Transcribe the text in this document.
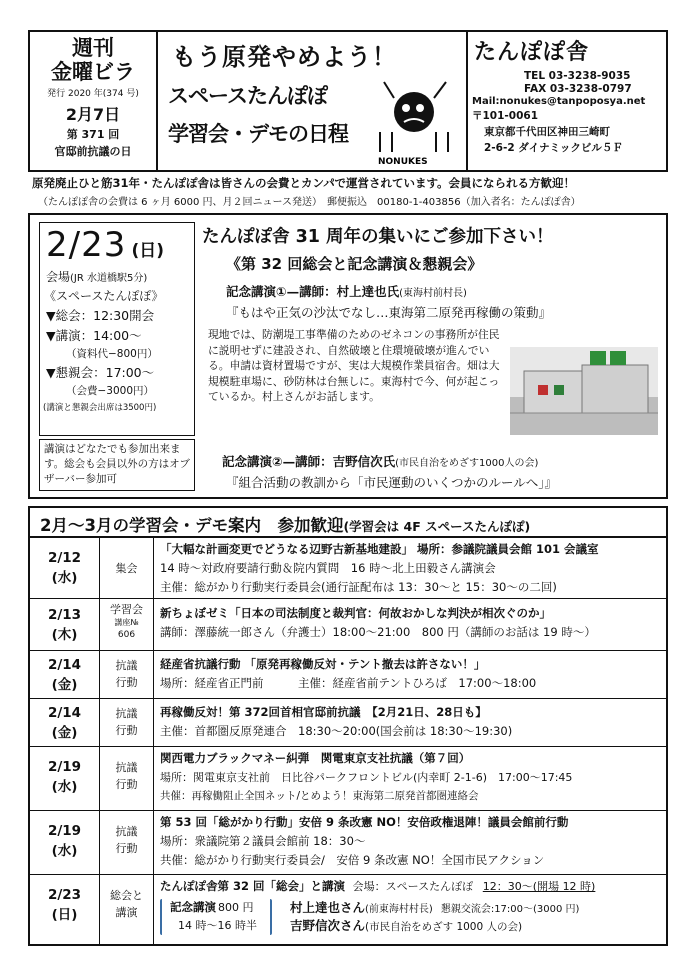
週刊
金曜ビラ
発行 2020 年(374 号)
2月7日
第 371 回
官邸前抗議の日
もう原発やめよう！
スペースたんぽぽ
学習会・デモの日程
NONUKES
たんぽぽ舎
TEL 03-3238-9035
FAX 03-3238-0797
Mail:nonukes@tanpoposya.net
〒101-0061
東京都千代田区神田三崎町
2-6-2 ダイナミックビル５Ｆ
原発廃止ひと筋31年・たんぽぽ舎は皆さんの会費とカンパで運営されています。会員になられる方歓迎！
（たんぽぽ舎の会費は 6 ヶ月 6000 円、月２回ニュース発送）　郵便振込　00180-1-403856（加入者名：たんぽぽ舎）
2/23 (日)
会場(JR 水道橋駅5分)
《スペースたんぽぽ》
▼総会：12:30開会
▼講演：14:00〜
（資料代−800円）
▼懇親会：17:00〜
（会費−3000円）
(講演と懇親会出席は3500円)
講演はどなたでも参加出来ます。総会も会員以外の方はオブザーバー参加可
たんぽぽ舎 31 周年の集いにご参加下さい！
《第 32 回総会と記念講演＆懇親会》
記念講演①—講師：村上達也氏(東海村前村長)
『もはや正気の沙汰でなし…東海第二原発再稼働の策動』
現地では、防潮堤工事準備のためのゼネコンの事務所が住民に説明せずに建設され、自然破壊と住環境破壊が進んでいる。申請は資材置場ですが、実は大規模作業員宿舎。畑は大規模駐車場に、砂防林は台無しに。東海村で今、何が起こっているか。村上さんがお話します。
記念講演②—講師：吉野信次氏(市民自治をめざす1000人の会)
『組合活動の教訓から「市民運動のいくつかのルールへ」』
2月〜3月の学習会・デモ案内　参加歓迎(学習会は 4F スペースたんぽぽ)
2/12
(水)
集会
「大幅な計画変更でどうなる辺野古新基地建設」 場所：参議院議員会館 101 会議室
14 時〜対政府要請行動＆院内質問　16 時〜北上田毅さん講演会
主催：総がかり行動実行委員会(通行証配布は 13：30〜と 15：30〜の二回)
2/13
(木)
学習会
講座№
606
新ちょぼゼミ「日本の司法制度と裁判官：何故おかしな判決が相次ぐのか」
講師：澤藤統一郎さん（弁護士）18:00〜21:00　800 円（講師のお話は 19 時〜）
2/14
(金)
抗議
行動
経産省抗議行動 「原発再稼働反対・テント撤去は許さない！」
場所：経産省正門前　　　主催：経産省前テントひろば　17:00〜18:00
2/14
(金)
抗議
行動
再稼働反対！第 372回首相官邸前抗議　【2月21日、28日も】
主催：首都圏反原発連合　18:30〜20:00(国会前は 18:30〜19:30)
2/19
(水)
抗議
行動
関西電力ブラックマネー糾弾　関電東京支社抗議（第７回）
場所：関電東京支社前　日比谷パークフロントビル(内幸町 2-1-6)　17:00〜17:45
共催：再稼働阻止全国ネット/とめよう！東海第二原発首都圏連絡会
2/19
(水)
抗議
行動
第 53 回「総がかり行動」安倍 9 条改憲 NO！安倍政権退陣！議員会館前行動
場所：衆議院第２議員会館前 18：30〜
共催：総がかり行動実行委員会/　安倍 9 条改憲 NO！全国市民アクション
2/23
(日)
総会と
講演
たんぽぽ舎第 32 回「総会」と講演 会場：スペースたんぽぽ 12：30〜(開場 12 時)
記念講演 800 円
14 時〜16 時半
村上達也さん(前東海村村長) 懇親交流会:17:00〜(3000 円)
吉野信次さん(市民自治をめざす 1000 人の会)
